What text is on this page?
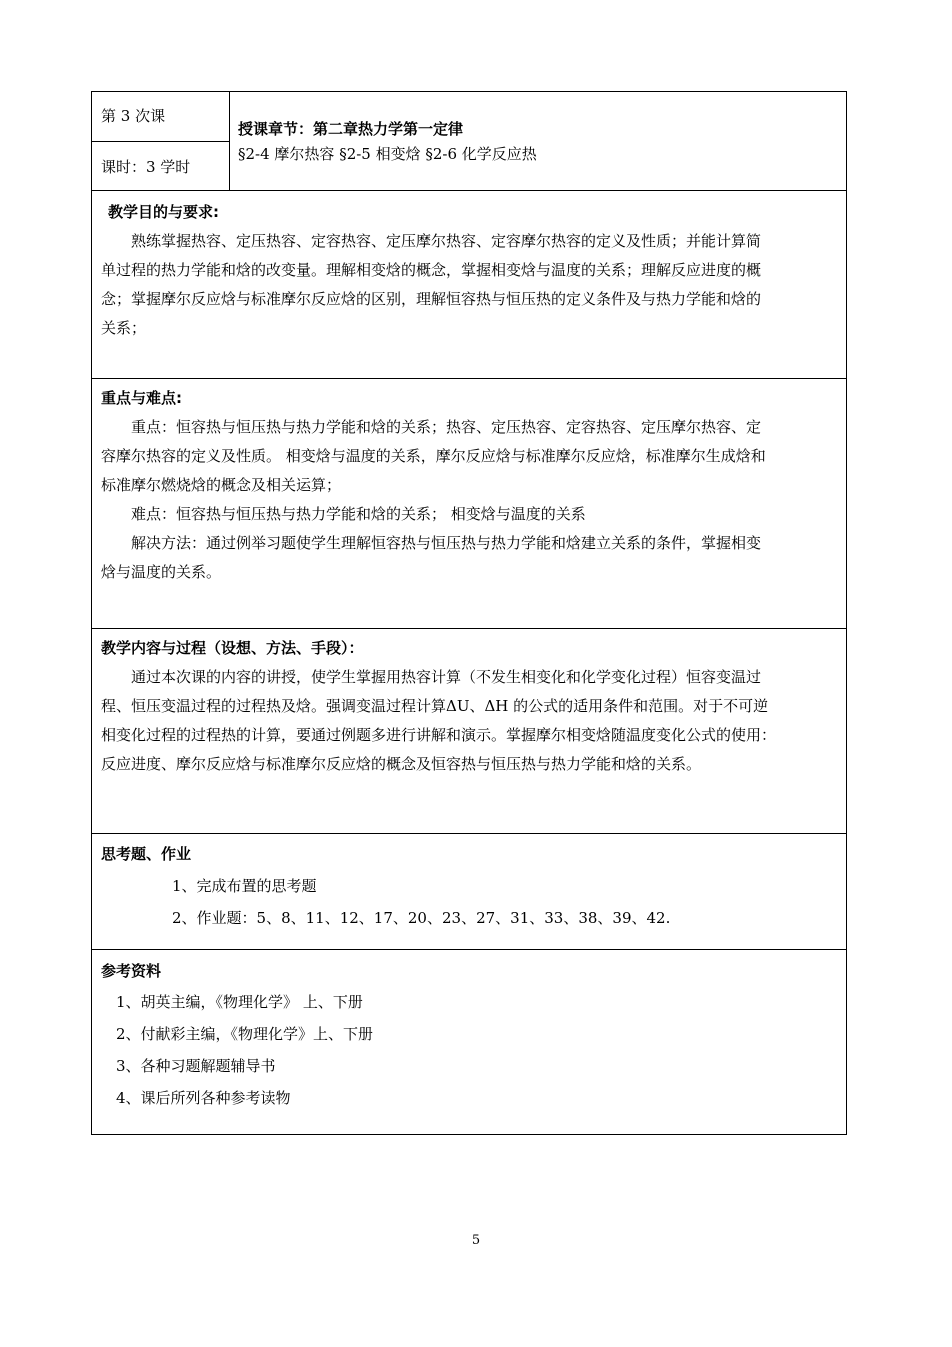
第 3 次课
课时：3 学时
授课章节：第二章热力学第一定律
§2-4 摩尔热容 §2-5 相变焓 §2-6 化学反应热
教学目的与要求:

熟练掌握热容、定压热容、定容热容、定压摩尔热容、定容摩尔热容的定义及性质；并能计算简

单过程的热力学能和焓的改变量。理解相变焓的概念，掌握相变焓与温度的关系；理解反应进度的概

念；掌握摩尔反应焓与标准摩尔反应焓的区别，理解恒容热与恒压热的定义条件及与热力学能和焓的

关系；

重点与难点:

重点：恒容热与恒压热与热力学能和焓的关系；热容、定压热容、定容热容、定压摩尔热容、定

容摩尔热容的定义及性质。 相变焓与温度的关系，摩尔反应焓与标准摩尔反应焓，标准摩尔生成焓和

标准摩尔燃烧焓的概念及相关运算；

难点：恒容热与恒压热与热力学能和焓的关系； 相变焓与温度的关系

解决方法：通过例举习题使学生理解恒容热与恒压热与热力学能和焓建立关系的条件，掌握相变

焓与温度的关系。

教学内容与过程（设想、方法、手段）：

通过本次课的内容的讲授，使学生掌握用热容计算（不发生相变化和化学变化过程）恒容变温过

程、恒压变温过程的过程热及焓。强调变温过程计算ΔU、ΔH 的公式的适用条件和范围。对于不可逆

相变化过程的过程热的计算，要通过例题多进行讲解和演示。掌握摩尔相变焓随温度变化公式的使用：

反应进度、摩尔反应焓与标准摩尔反应焓的概念及恒容热与恒压热与热力学能和焓的关系。

思考题、作业
1、完成布置的思考题
2、作业题：5、8、11、12、17、20、23、27、31、33、38、39、42.
参考资料
1、胡英主编，《物理化学》 上、下册
2、付献彩主编，《物理化学》上、下册
3、各种习题解题辅导书
4、课后所列各种参考读物
5
